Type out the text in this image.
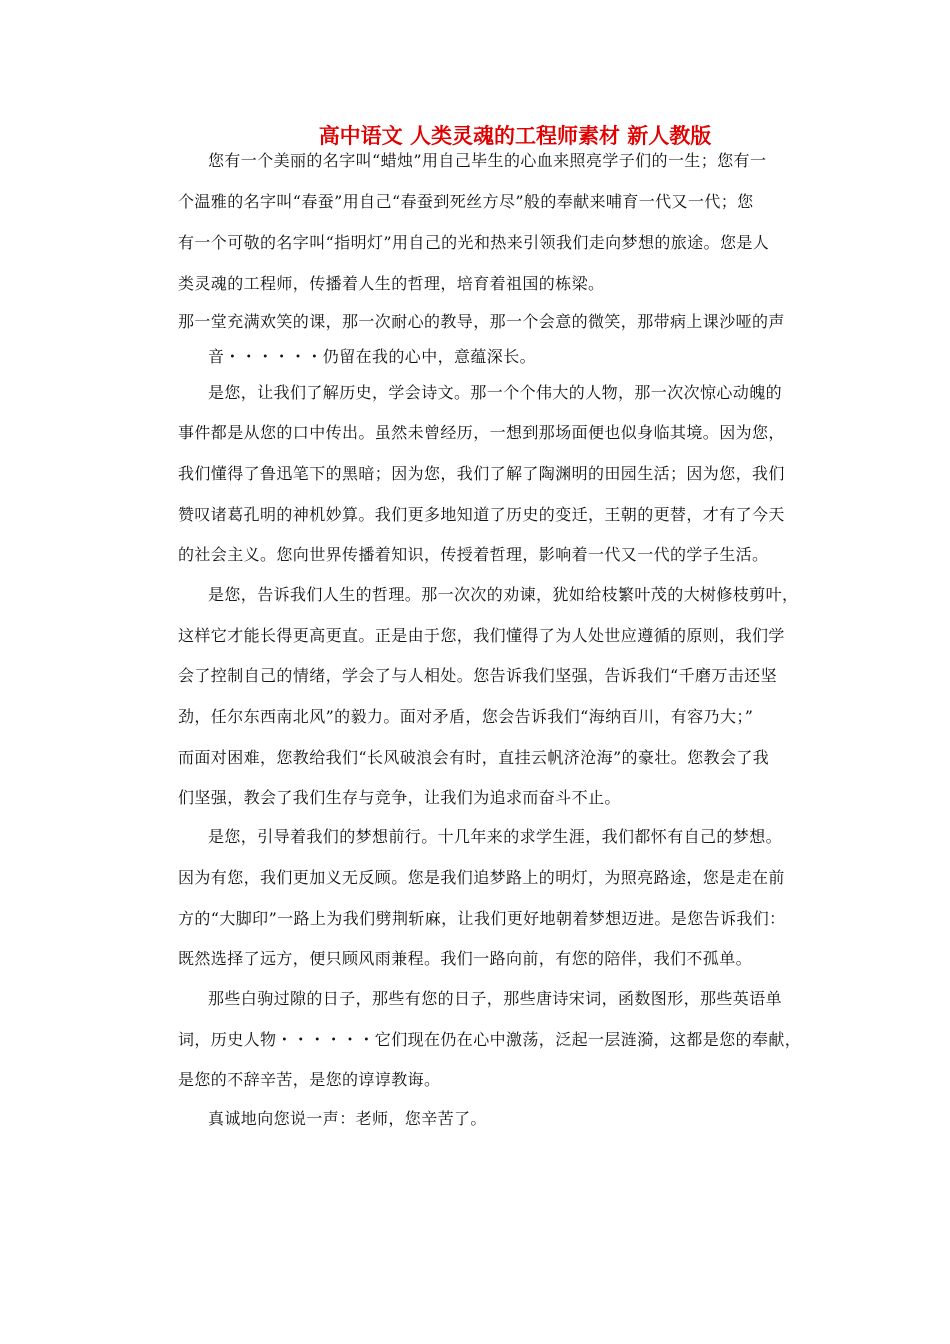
高中语文 人类灵魂的工程师素材 新人教版
您有一个美丽的名字叫“蜡烛”用自己毕生的心血来照亮学子们的一生；您有一
个温雅的名字叫“春蚕”用自己“春蚕到死丝方尽”般的奉献来哺育一代又一代；您
有一个可敬的名字叫“指明灯”用自己的光和热来引领我们走向梦想的旅途。您是人
类灵魂的工程师，传播着人生的哲理，培育着祖国的栋梁。
那一堂充满欢笑的课，那一次耐心的教导，那一个会意的微笑，那带病上课沙哑的声
音・・・・・・仍留在我的心中，意蕴深长。
是您，让我们了解历史，学会诗文。那一个个伟大的人物，那一次次惊心动魄的
事件都是从您的口中传出。虽然未曾经历，一想到那场面便也似身临其境。因为您，
我们懂得了鲁迅笔下的黑暗；因为您，我们了解了陶渊明的田园生活；因为您，我们
赞叹诸葛孔明的神机妙算。我们更多地知道了历史的变迁，王朝的更替，才有了今天
的社会主义。您向世界传播着知识，传授着哲理，影响着一代又一代的学子生活。
是您，告诉我们人生的哲理。那一次次的劝谏，犹如给枝繁叶茂的大树修枝剪叶，
这样它才能长得更高更直。正是由于您，我们懂得了为人处世应遵循的原则，我们学
会了控制自己的情绪，学会了与人相处。您告诉我们坚强，告诉我们“千磨万击还坚
劲，任尔东西南北风”的毅力。面对矛盾，您会告诉我们“海纳百川，有容乃大；”
而面对困难，您教给我们“长风破浪会有时，直挂云帆济沧海”的豪壮。您教会了我
们坚强，教会了我们生存与竞争，让我们为追求而奋斗不止。
是您，引导着我们的梦想前行。十几年来的求学生涯，我们都怀有自己的梦想。
因为有您，我们更加义无反顾。您是我们追梦路上的明灯，为照亮路途，您是走在前
方的“大脚印”一路上为我们劈荆斩麻，让我们更好地朝着梦想迈进。是您告诉我们：
既然选择了远方，便只顾风雨兼程。我们一路向前，有您的陪伴，我们不孤单。
那些白驹过隙的日子，那些有您的日子，那些唐诗宋词，函数图形，那些英语单
词，历史人物・・・・・・它们现在仍在心中激荡，泛起一层涟漪，这都是您的奉献，
是您的不辞辛苦，是您的谆谆教诲。
真诚地向您说一声：老师，您辛苦了。
